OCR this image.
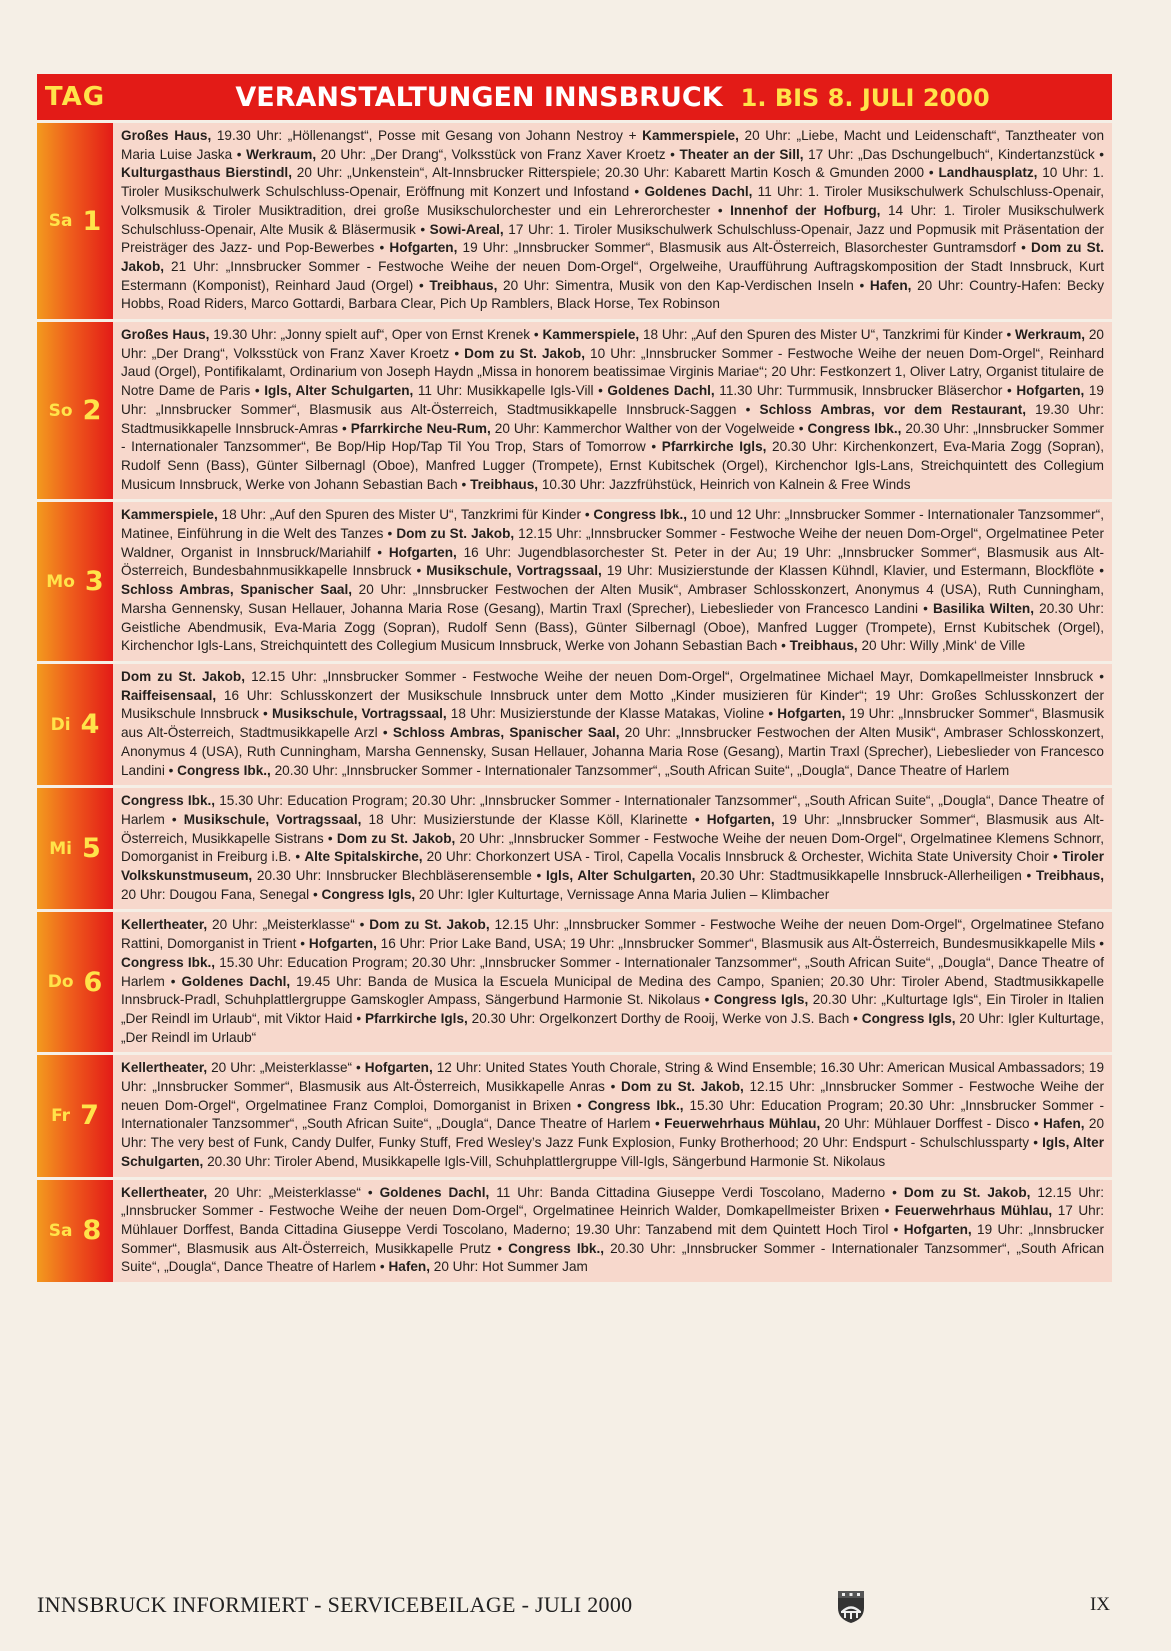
TAG	VERANSTALTUNGEN INNSBRUCK 1. BIS 8. JULI 2000
Sa 1
Großes Haus, 19.30 Uhr: „Höllenangst“, Posse mit Gesang von Johann Nestroy + Kammerspiele, 20 Uhr: „Liebe, Macht und Leidenschaft“, Tanztheater von Maria Luise Jaska • Werkraum, 20 Uhr: „Der Drang“, Volksstück von Franz Xaver Kroetz • Theater an der Sill, 17 Uhr: „Das Dschungelbuch“, Kindertanzstück • Kulturgasthaus Bierstindl, 20 Uhr: „Unkenstein“, Alt-Innsbrucker Ritterspiele; 20.30 Uhr: Kabarett Martin Kosch & Gmunden 2000 • Landhausplatz, 10 Uhr: 1. Tiroler Musikschulwerk Schulschluss-Openair, Eröffnung mit Konzert und Infostand • Goldenes Dachl, 11 Uhr: 1. Tiroler Musikschulwerk Schulschluss-Openair, Volksmusik & Tiroler Musiktradition, drei große Musikschulorchester und ein Lehrerorchester • Innenhof der Hofburg, 14 Uhr: 1. Tiroler Musikschulwerk Schulschluss-Openair, Alte Musik & Bläsermusik • Sowi-Areal, 17 Uhr: 1. Tiroler Musikschulwerk Schulschluss-Openair, Jazz und Popmusik mit Präsentation der Preisträger des Jazz- und Pop-Bewerbes • Hofgarten, 19 Uhr: „Innsbrucker Sommer“, Blasmusik aus Alt-Österreich, Blasorchester Guntramsdorf • Dom zu St. Jakob, 21 Uhr: „Innsbrucker Sommer - Festwoche Weihe der neuen Dom-Orgel“, Orgelweihe, Uraufführung Auftragskomposition der Stadt Innsbruck, Kurt Estermann (Komponist), Reinhard Jaud (Orgel) • Treibhaus, 20 Uhr: Simentra, Musik von den Kap-Verdischen Inseln • Hafen, 20 Uhr: Country-Hafen: Becky Hobbs, Road Riders, Marco Gottardi, Barbara Clear, Pich Up Ramblers, Black Horse, Tex Robinson
So 2
Großes Haus, 19.30 Uhr: „Jonny spielt auf“, Oper von Ernst Krenek • Kammerspiele, 18 Uhr: „Auf den Spuren des Mister U“, Tanzkrimi für Kinder • Werkraum, 20 Uhr: „Der Drang“, Volksstück von Franz Xaver Kroetz • Dom zu St. Jakob, 10 Uhr: „Innsbrucker Sommer - Festwoche Weihe der neuen Dom-Orgel“, Reinhard Jaud (Orgel), Pontifikalamt, Ordinarium von Joseph Haydn „Missa in honorem beatissimae Virginis Mariae“; 20 Uhr: Festkonzert 1, Oliver Latry, Organist titulaire de Notre Dame de Paris • Igls, Alter Schulgarten, 11 Uhr: Musikkapelle Igls-Vill • Goldenes Dachl, 11.30 Uhr: Turmmusik, Innsbrucker Bläserchor • Hofgarten, 19 Uhr: „Innsbrucker Sommer“, Blasmusik aus Alt-Österreich, Stadtmusikkapelle Innsbruck-Saggen • Schloss Ambras, vor dem Restaurant, 19.30 Uhr: Stadtmusikkapelle Innsbruck-Amras • Pfarrkirche Neu-Rum, 20 Uhr: Kammerchor Walther von der Vogelweide • Congress Ibk., 20.30 Uhr: „Innsbrucker Sommer - Internationaler Tanzsommer“, Be Bop/Hip Hop/Tap Til You Trop, Stars of Tomorrow • Pfarrkirche Igls, 20.30 Uhr: Kirchenkonzert, Eva-Maria Zogg (Sopran), Rudolf Senn (Bass), Günter Silbernagl (Oboe), Manfred Lugger (Trompete), Ernst Kubitschek (Orgel), Kirchenchor Igls-Lans, Streichquintett des Collegium Musicum Innsbruck, Werke von Johann Sebastian Bach • Treibhaus, 10.30 Uhr: Jazzfrühstück, Heinrich von Kalnein & Free Winds
Mo 3
Kammerspiele, 18 Uhr: „Auf den Spuren des Mister U“, Tanzkrimi für Kinder • Congress Ibk., 10 und 12 Uhr: „Innsbrucker Sommer - Internationaler Tanzsommer“, Matinee, Einführung in die Welt des Tanzes • Dom zu St. Jakob, 12.15 Uhr: „Innsbrucker Sommer - Festwoche Weihe der neuen Dom-Orgel“, Orgelmatinee Peter Waldner, Organist in Innsbruck/Mariahilf • Hofgarten, 16 Uhr: Jugendblasorchester St. Peter in der Au; 19 Uhr: „Innsbrucker Sommer“, Blasmusik aus Alt-Österreich, Bundesbahnmusikkapelle Innsbruck • Musikschule, Vortragssaal, 19 Uhr: Musizierstunde der Klassen Kühndl, Klavier, und Estermann, Blockflöte • Schloss Ambras, Spanischer Saal, 20 Uhr: „Innsbrucker Festwochen der Alten Musik“, Ambraser Schlosskonzert, Anonymus 4 (USA), Ruth Cunningham, Marsha Gennensky, Susan Hellauer, Johanna Maria Rose (Gesang), Martin Traxl (Sprecher), Liebeslieder von Francesco Landini • Basilika Wilten, 20.30 Uhr: Geistliche Abendmusik, Eva-Maria Zogg (Sopran), Rudolf Senn (Bass), Günter Silbernagl (Oboe), Manfred Lugger (Trompete), Ernst Kubitschek (Orgel), Kirchenchor Igls-Lans, Streichquintett des Collegium Musicum Innsbruck, Werke von Johann Sebastian Bach • Treibhaus, 20 Uhr: Willy ‚Mink‘ de Ville
Di 4
Dom zu St. Jakob, 12.15 Uhr: „Innsbrucker Sommer - Festwoche Weihe der neuen Dom-Orgel“, Orgelmatinee Michael Mayr, Domkapellmeister Innsbruck • Raiffeisensaal, 16 Uhr: Schlusskonzert der Musikschule Innsbruck unter dem Motto „Kinder musizieren für Kinder“; 19 Uhr: Großes Schlusskonzert der Musikschule Innsbruck • Musikschule, Vortragssaal, 18 Uhr: Musizierstunde der Klasse Matakas, Violine • Hofgarten, 19 Uhr: „Innsbrucker Sommer“, Blasmusik aus Alt-Österreich, Stadtmusikkapelle Arzl • Schloss Ambras, Spanischer Saal, 20 Uhr: „Innsbrucker Festwochen der Alten Musik“, Ambraser Schlosskonzert, Anonymus 4 (USA), Ruth Cunningham, Marsha Gennensky, Susan Hellauer, Johanna Maria Rose (Gesang), Martin Traxl (Sprecher), Liebeslieder von Francesco Landini • Congress Ibk., 20.30 Uhr: „Innsbrucker Sommer - Internationaler Tanzsommer“, „South African Suite“, „Dougla“, Dance Theatre of Harlem
Mi 5
Congress Ibk., 15.30 Uhr: Education Program; 20.30 Uhr: „Innsbrucker Sommer - Internationaler Tanzsommer“, „South African Suite“, „Dougla“, Dance Theatre of Harlem • Musikschule, Vortragssaal, 18 Uhr: Musizierstunde der Klasse Köll, Klarinette • Hofgarten, 19 Uhr: „Innsbrucker Sommer“, Blasmusik aus Alt-Österreich, Musikkapelle Sistrans • Dom zu St. Jakob, 20 Uhr: „Innsbrucker Sommer - Festwoche Weihe der neuen Dom-Orgel“, Orgelmatinee Klemens Schnorr, Domorganist in Freiburg i.B. • Alte Spitalskirche, 20 Uhr: Chorkonzert USA - Tirol, Capella Vocalis Innsbruck & Orchester, Wichita State University Choir • Tiroler Volkskunstmuseum, 20.30 Uhr: Innsbrucker Blechbläserensemble • Igls, Alter Schulgarten, 20.30 Uhr: Stadtmusikkapelle Innsbruck-Allerheiligen • Treibhaus, 20 Uhr: Dougou Fana, Senegal • Congress Igls, 20 Uhr: Igler Kulturtage, Vernissage Anna Maria Julien – Klimbacher
Do 6
Kellertheater, 20 Uhr: „Meisterklasse“ • Dom zu St. Jakob, 12.15 Uhr: „Innsbrucker Sommer - Festwoche Weihe der neuen Dom-Orgel“, Orgelmatinee Stefano Rattini, Domorganist in Trient • Hofgarten, 16 Uhr: Prior Lake Band, USA; 19 Uhr: „Innsbrucker Sommer“, Blasmusik aus Alt-Österreich, Bundesmusikkapelle Mils • Congress Ibk., 15.30 Uhr: Education Program; 20.30 Uhr: „Innsbrucker Sommer - Internationaler Tanzsommer“, „South African Suite“, „Dougla“, Dance Theatre of Harlem • Goldenes Dachl, 19.45 Uhr: Banda de Musica la Escuela Municipal de Medina des Campo, Spanien; 20.30 Uhr: Tiroler Abend, Stadtmusikkapelle Innsbruck-Pradl, Schuhplattlergruppe Gamskogler Ampass, Sängerbund Harmonie St. Nikolaus • Congress Igls, 20.30 Uhr: „Kulturtage Igls“, Ein Tiroler in Italien „Der Reindl im Urlaub“, mit Viktor Haid • Pfarrkirche Igls, 20.30 Uhr: Orgelkonzert Dorthy de Rooij, Werke von J.S. Bach • Congress Igls, 20 Uhr: Igler Kulturtage, „Der Reindl im Urlaub“
Fr 7
Kellertheater, 20 Uhr: „Meisterklasse“ • Hofgarten, 12 Uhr: United States Youth Chorale, String & Wind Ensemble; 16.30 Uhr: American Musical Ambassadors; 19 Uhr: „Innsbrucker Sommer“, Blasmusik aus Alt-Österreich, Musikkapelle Anras • Dom zu St. Jakob, 12.15 Uhr: „Innsbrucker Sommer - Festwoche Weihe der neuen Dom-Orgel“, Orgelmatinee Franz Comploi, Domorganist in Brixen • Congress Ibk., 15.30 Uhr: Education Program; 20.30 Uhr: „Innsbrucker Sommer - Internationaler Tanzsommer“, „South African Suite“, „Dougla“, Dance Theatre of Harlem • Feuerwehrhaus Mühlau, 20 Uhr: Mühlauer Dorffest - Disco • Hafen, 20 Uhr: The very best of Funk, Candy Dulfer, Funky Stuff, Fred Wesley’s Jazz Funk Explosion, Funky Brotherhood; 20 Uhr: Endspurt - Schulschlussparty • Igls, Alter Schulgarten, 20.30 Uhr: Tiroler Abend, Musikkapelle Igls-Vill, Schuhplattlergruppe Vill-Igls, Sängerbund Harmonie St. Nikolaus
Sa 8
Kellertheater, 20 Uhr: „Meisterklasse“ • Goldenes Dachl, 11 Uhr: Banda Cittadina Giuseppe Verdi Toscolano, Maderno • Dom zu St. Jakob, 12.15 Uhr: „Innsbrucker Sommer - Festwoche Weihe der neuen Dom-Orgel“, Orgelmatinee Heinrich Walder, Domkapellmeister Brixen • Feuerwehrhaus Mühlau, 17 Uhr: Mühlauer Dorffest, Banda Cittadina Giuseppe Verdi Toscolano, Maderno; 19.30 Uhr: Tanzabend mit dem Quintett Hoch Tirol • Hofgarten, 19 Uhr: „Innsbrucker Sommer“, Blasmusik aus Alt-Österreich, Musikkapelle Prutz • Congress Ibk., 20.30 Uhr: „Innsbrucker Sommer - Internationaler Tanzsommer“, „South African Suite“, „Dougla“, Dance Theatre of Harlem • Hafen, 20 Uhr: Hot Summer Jam
INNSBRUCK INFORMIERT - SERVICEBEILAGE - JULI 2000	IX
